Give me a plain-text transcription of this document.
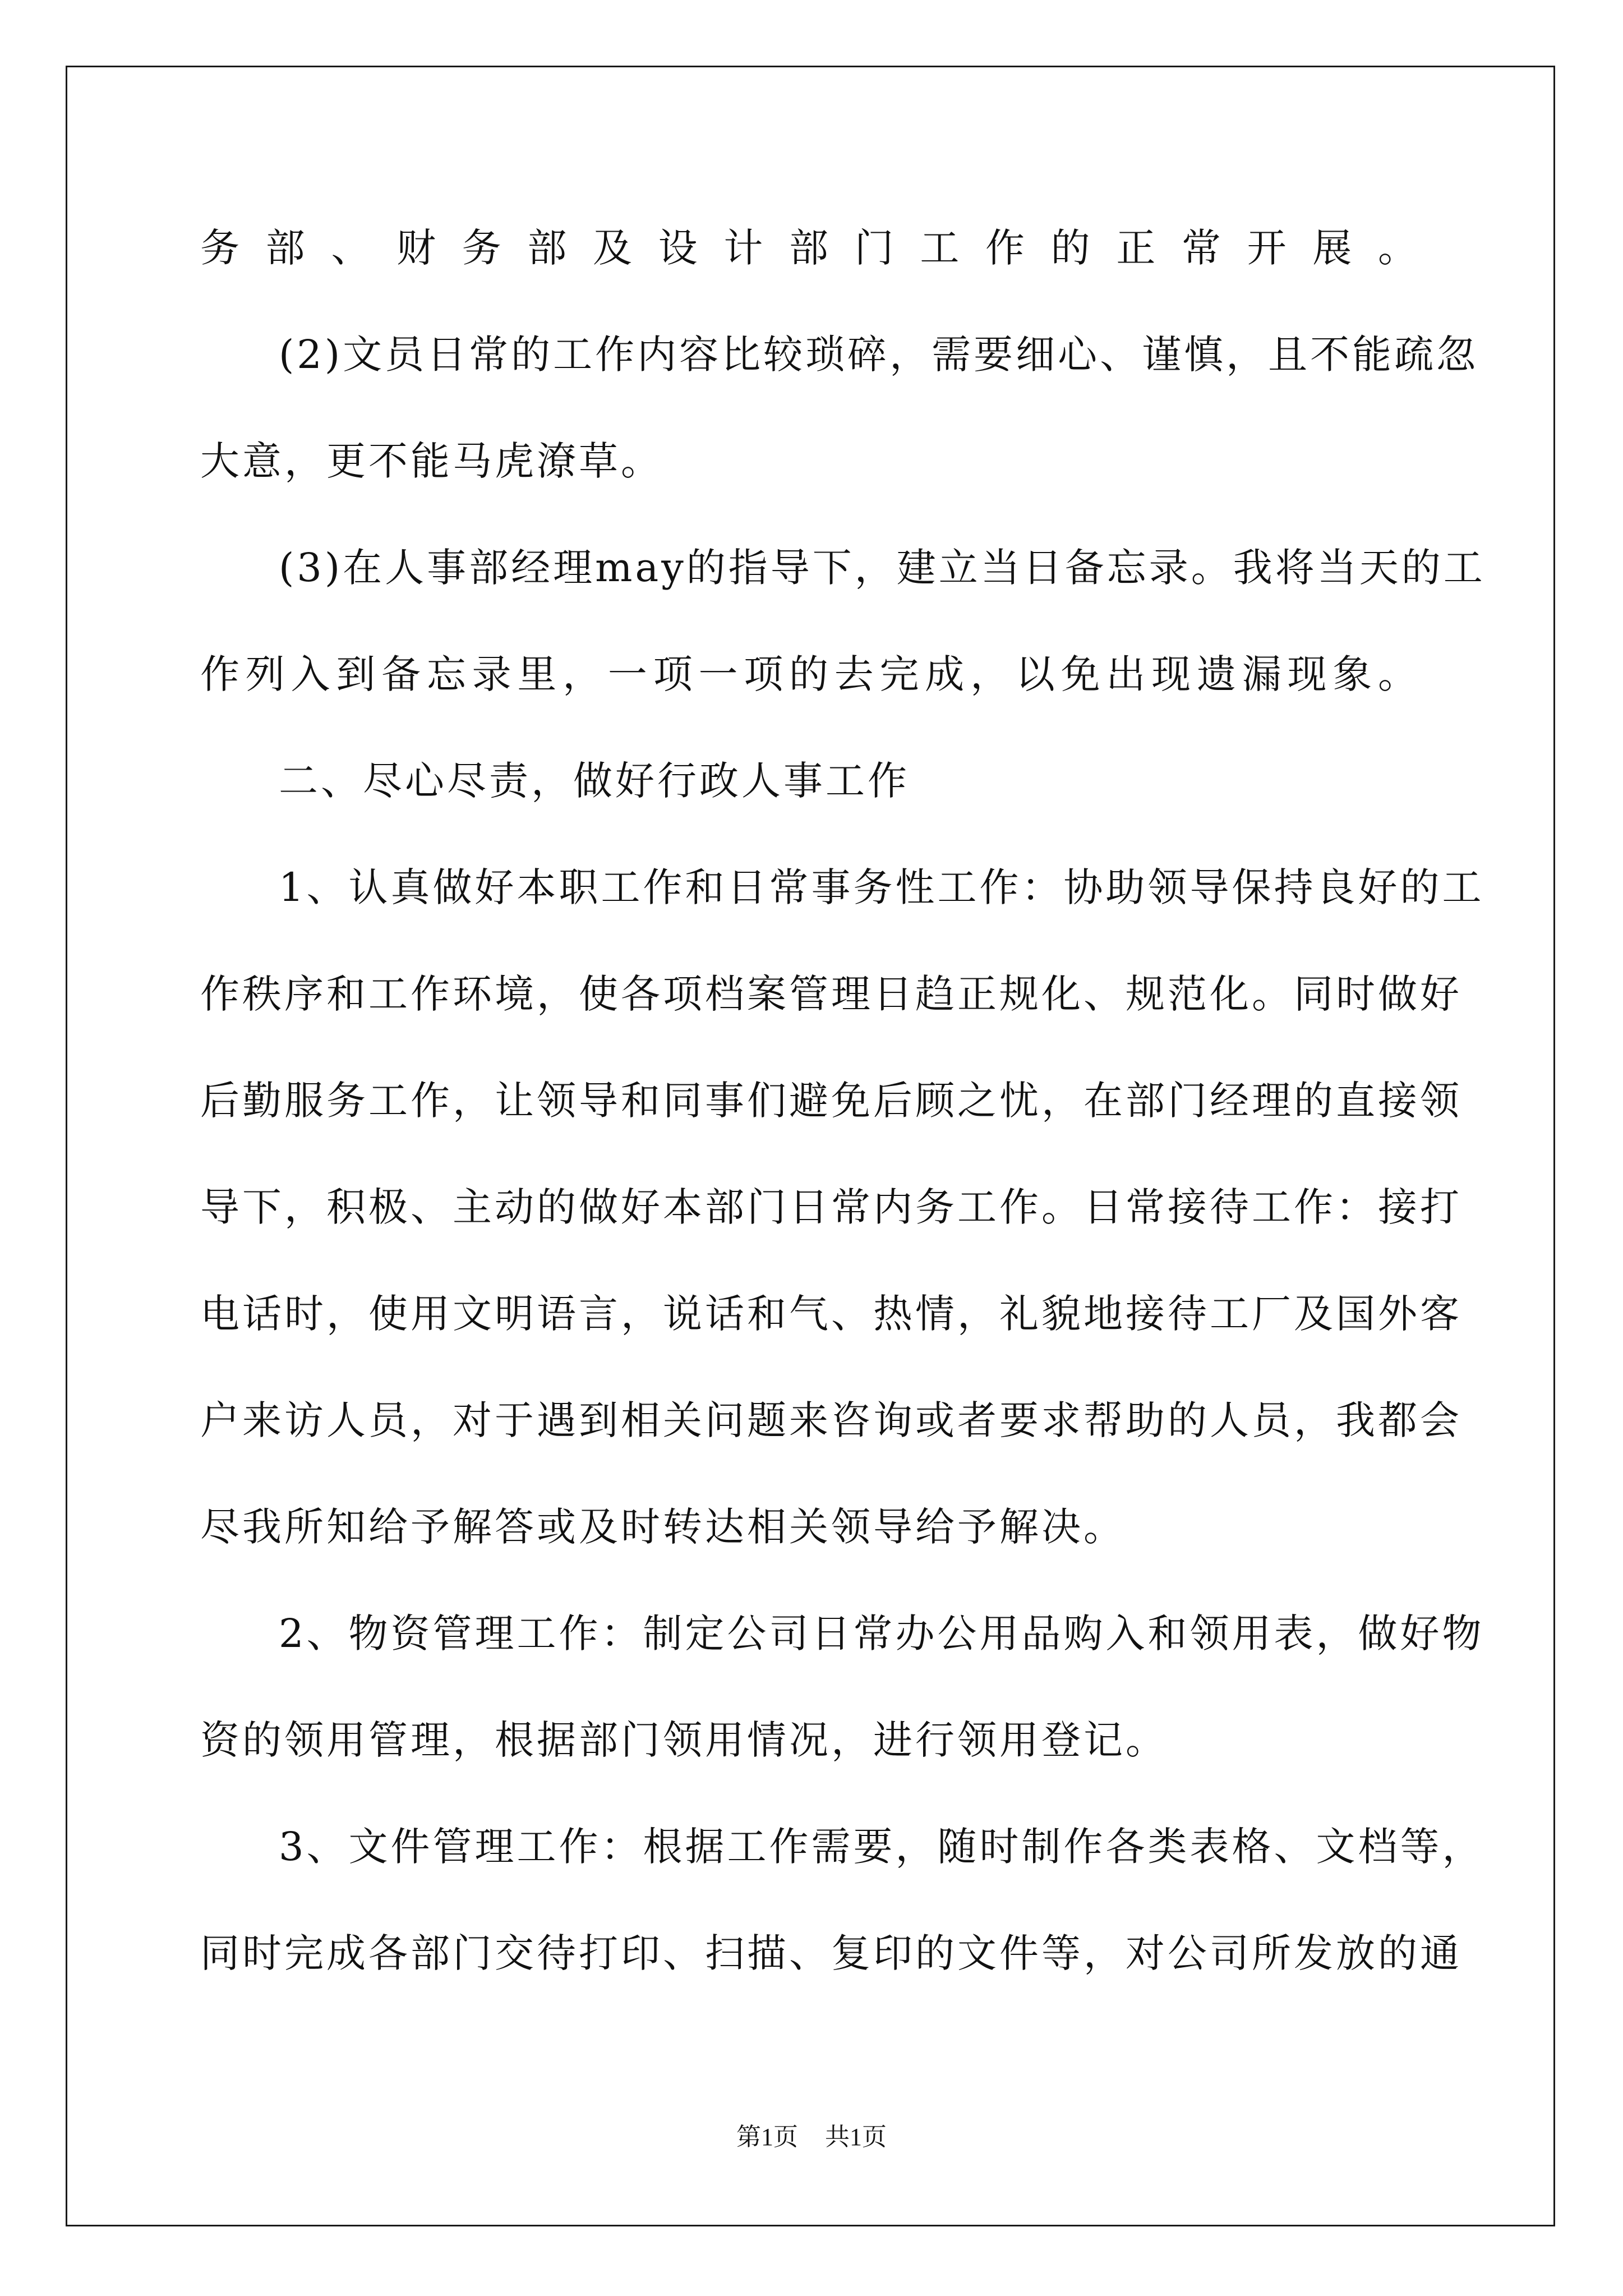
务部、财务部及设计部门工作的正常开展。
(2)文员日常的工作内容比较琐碎，需要细心、谨慎，且不能疏忽
大意，更不能马虎潦草。
(3)在人事部经理may的指导下，建立当日备忘录。我将当天的工
作列入到备忘录里，一项一项的去完成，以免出现遗漏现象。
二、尽心尽责，做好行政人事工作
1、认真做好本职工作和日常事务性工作：协助领导保持良好的工
作秩序和工作环境，使各项档案管理日趋正规化、规范化。同时做好
后勤服务工作，让领导和同事们避免后顾之忧，在部门经理的直接领
导下，积极、主动的做好本部门日常内务工作。日常接待工作：接打
电话时，使用文明语言，说话和气、热情，礼貌地接待工厂及国外客
户来访人员，对于遇到相关问题来咨询或者要求帮助的人员，我都会
尽我所知给予解答或及时转达相关领导给予解决。
2、物资管理工作：制定公司日常办公用品购入和领用表，做好物
资的领用管理，根据部门领用情况，进行领用登记。
3、文件管理工作：根据工作需要，随时制作各类表格、文档等，
同时完成各部门交待打印、扫描、复印的文件等，对公司所发放的通
第1页 共1页
